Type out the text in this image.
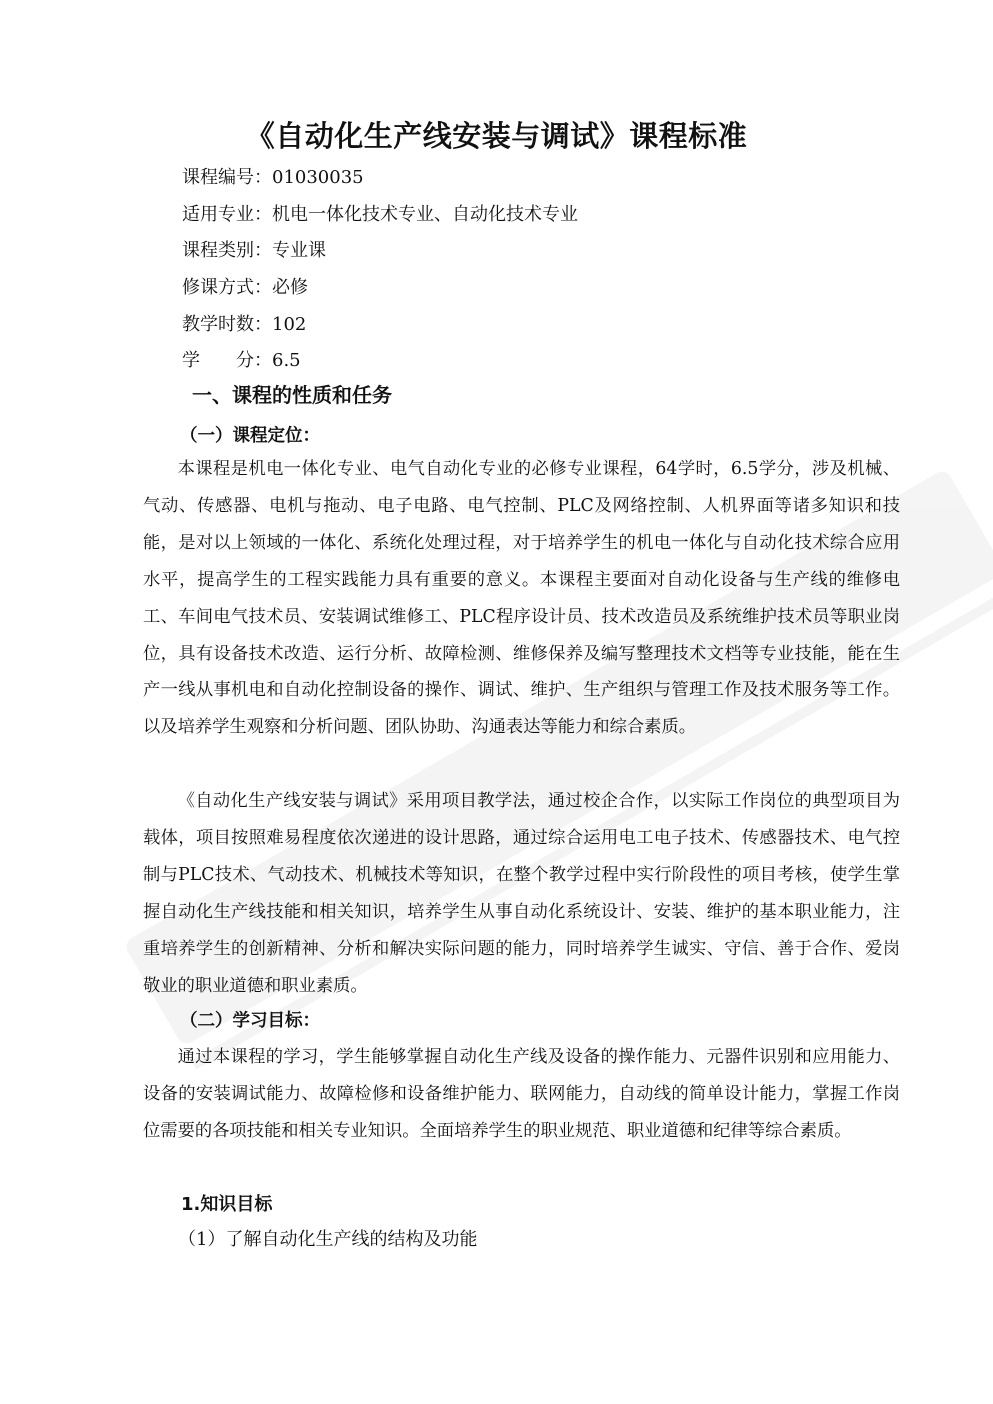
《自动化生产线安装与调试》课程标准
课程编号：01030035
适用专业：机电一体化技术专业、自动化技术专业
课程类别：专业课
修课方式：必修
教学时数：102
学　　分：6.5
一、课程的性质和任务
（一）课程定位：

本课程是机电一体化专业、电气自动化专业的必修专业课程，64学时，6.5学分，涉及机械、气动、传感器、电机与拖动、电子电路、电气控制、PLC及网络控制、人机界面等诸多知识和技能，是对以上领域的一体化、系统化处理过程，对于培养学生的机电一体化与自动化技术综合应用水平，提高学生的工程实践能力具有重要的意义。本课程主要面对自动化设备与生产线的维修电工、车间电气技术员、安装调试维修工、PLC程序设计员、技术改造员及系统维护技术员等职业岗位，具有设备技术改造、运行分析、故障检测、维修保养及编写整理技术文档等专业技能，能在生产一线从事机电和自动化控制设备的操作、调试、维护、生产组织与管理工作及技术服务等工作。以及培养学生观察和分析问题、团队协助、沟通表达等能力和综合素质。

《自动化生产线安装与调试》采用项目教学法，通过校企合作，以实际工作岗位的典型项目为载体，项目按照难易程度依次递进的设计思路，通过综合运用电工电子技术、传感器技术、电气控制与PLC技术、气动技术、机械技术等知识，在整个教学过程中实行阶段性的项目考核，使学生掌握自动化生产线技能和相关知识，培养学生从事自动化系统设计、安装、维护的基本职业能力，注重培养学生的创新精神、分析和解决实际问题的能力，同时培养学生诚实、守信、善于合作、爱岗敬业的职业道德和职业素质。

（二）学习目标：

通过本课程的学习，学生能够掌握自动化生产线及设备的操作能力、元器件识别和应用能力、设备的安装调试能力、故障检修和设备维护能力、联网能力，自动线的简单设计能力，掌握工作岗位需要的各项技能和相关专业知识。全面培养学生的职业规范、职业道德和纪律等综合素质。

1.知识目标

（1）了解自动化生产线的结构及功能
